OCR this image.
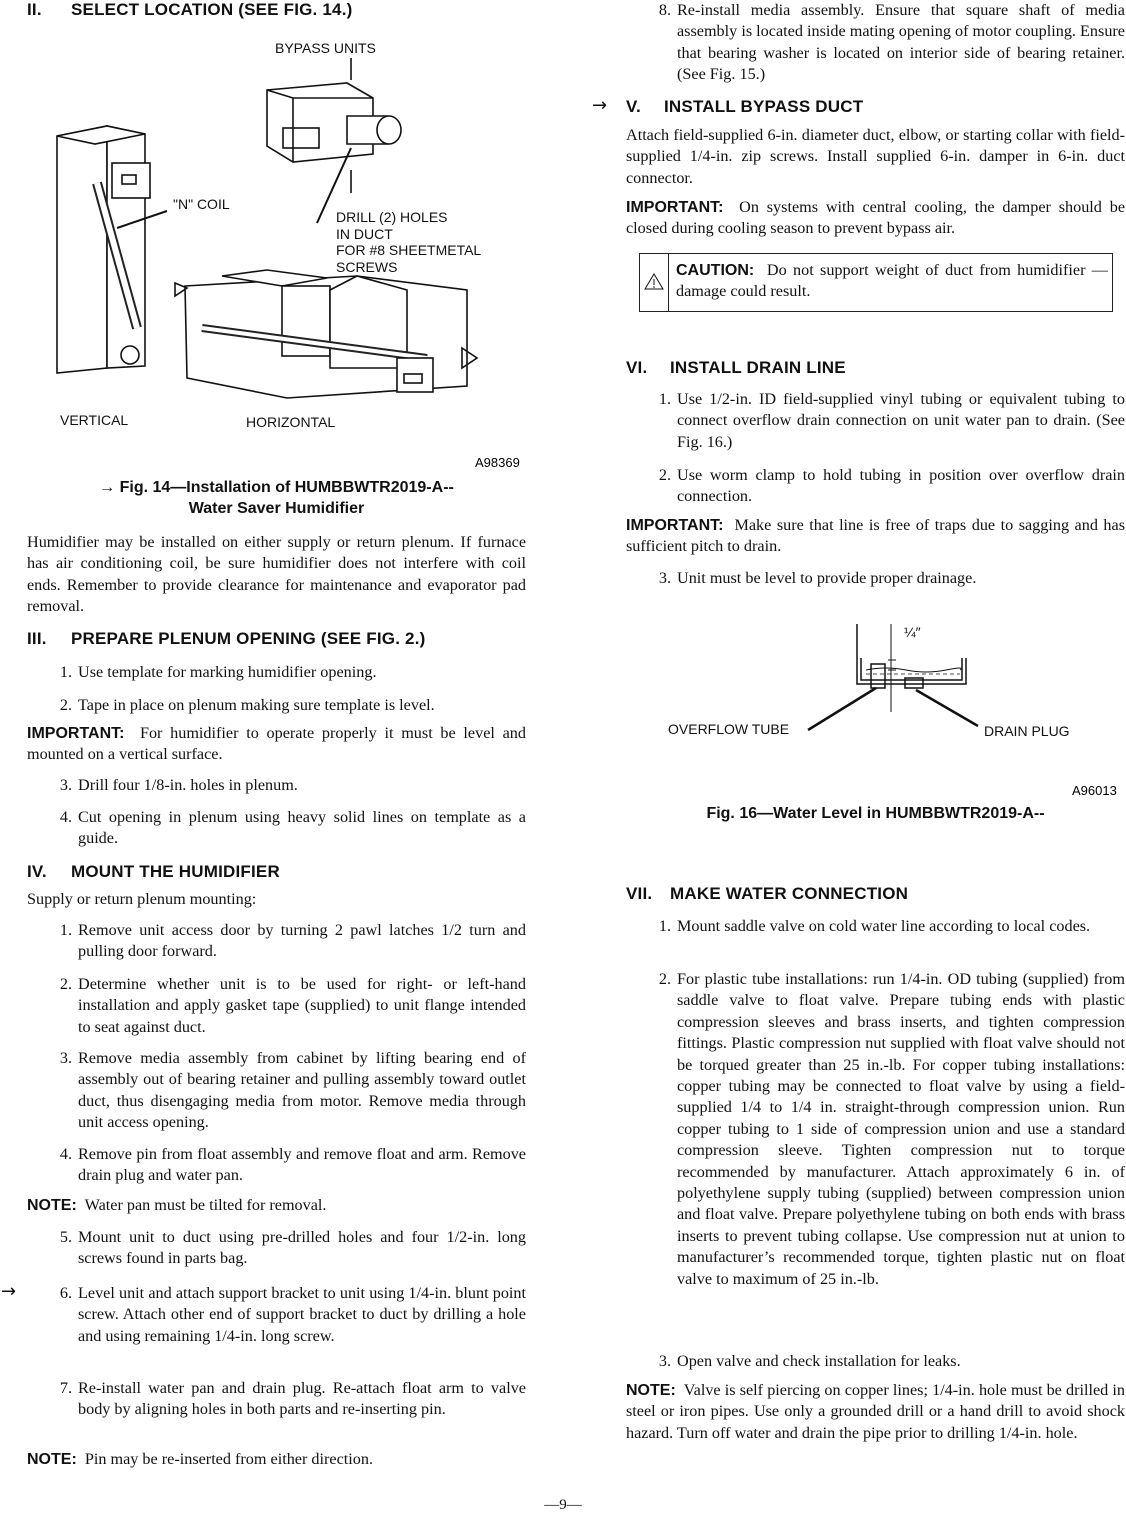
II. SELECT LOCATION (SEE FIG. 14.)
BYPASS UNITS
"N" COIL
DRILL (2) HOLES
IN DUCT
FOR #8 SHEETMETAL
SCREWS
VERTICAL	HORIZONTAL
A98369
→ Fig. 14—Installation of HUMBBWTR2019-A--
Water Saver Humidifier

Humidifier may be installed on either supply or return plenum. If furnace has air conditioning coil, be sure humidifier does not interfere with coil ends. Remember to provide clearance for maintenance and evaporator pad removal.

III. PREPARE PLENUM OPENING (SEE FIG. 2.)
1. Use template for marking humidifier opening.
2. Tape in place on plenum making sure template is level.

IMPORTANT: For humidifier to operate properly it must be level and mounted on a vertical surface.

3. Drill four 1/8-in. holes in plenum.
4. Cut opening in plenum using heavy solid lines on template as a guide.
IV. MOUNT THE HUMIDIFIER

Supply or return plenum mounting:

1. Remove unit access door by turning 2 pawl latches 1/2 turn and pulling door forward.
2. Determine whether unit is to be used for right- or left-hand installation and apply gasket tape (supplied) to unit flange intended to seat against duct.
3. Remove media assembly from cabinet by lifting bearing end of assembly out of bearing retainer and pulling assembly toward outlet duct, thus disengaging media from motor. Remove media through unit access opening.
4. Remove pin from float assembly and remove float and arm. Remove drain plug and water pan.

NOTE: Water pan must be tilted for removal.

5. Mount unit to duct using pre-drilled holes and four 1/2-in. long screws found in parts bag.
→	6. Level unit and attach support bracket to unit using 1/4-in. blunt point screw. Attach other end of support bracket to duct by drilling a hole and using remaining 1/4-in. long screw.
7. Re-install water pan and drain plug. Re-attach float arm to valve body by aligning holes in both parts and re-inserting pin.

NOTE: Pin may be re-inserted from either direction.

8. Re-install media assembly. Ensure that square shaft of media assembly is located inside mating opening of motor coupling. Ensure that bearing washer is located on interior side of bearing retainer. (See Fig. 15.)
→ V. INSTALL BYPASS DUCT

Attach field-supplied 6-in. diameter duct, elbow, or starting collar with field-supplied 1/4-in. zip screws. Install supplied 6-in. damper in 6-in. duct connector.

IMPORTANT: On systems with central cooling, the damper should be closed during cooling season to prevent bypass air.

CAUTION: Do not support weight of duct from humidifier — damage could result.

VI. INSTALL DRAIN LINE
1. Use 1/2-in. ID field-supplied vinyl tubing or equivalent tubing to connect overflow drain connection on unit water pan to drain. (See Fig. 16.)
2. Use worm clamp to hold tubing in position over overflow drain connection.

IMPORTANT: Make sure that line is free of traps due to sagging and has sufficient pitch to drain.

3. Unit must be level to provide proper drainage.
¼″
OVERFLOW TUBE	DRAIN PLUG
A96013
Fig. 16—Water Level in HUMBBWTR2019-A--
VII. MAKE WATER CONNECTION
1. Mount saddle valve on cold water line according to local codes.
2. For plastic tube installations: run 1/4-in. OD tubing (supplied) from saddle valve to float valve. Prepare tubing ends with plastic compression sleeves and brass inserts, and tighten compression fittings. Plastic compression nut supplied with float valve should not be torqued greater than 25 in.-lb. For copper tubing installations: copper tubing may be connected to float valve by using a field-supplied 1/4 to 1/4 in. straight-through compression union. Run copper tubing to 1 side of compression union and use a standard compression sleeve. Tighten compression nut to torque recommended by manufacturer. Attach approximately 6 in. of polyethylene supply tubing (supplied) between compression union and float valve. Prepare polyethylene tubing on both ends with brass inserts to prevent tubing collapse. Use compression nut at union to manufacturer’s recommended torque, tighten plastic nut on float valve to maximum of 25 in.-lb.
3. Open valve and check installation for leaks.

NOTE: Valve is self piercing on copper lines; 1/4-in. hole must be drilled in steel or iron pipes. Use only a grounded drill or a hand drill to avoid shock hazard. Turn off water and drain the pipe prior to drilling 1/4-in. hole.

—9—
